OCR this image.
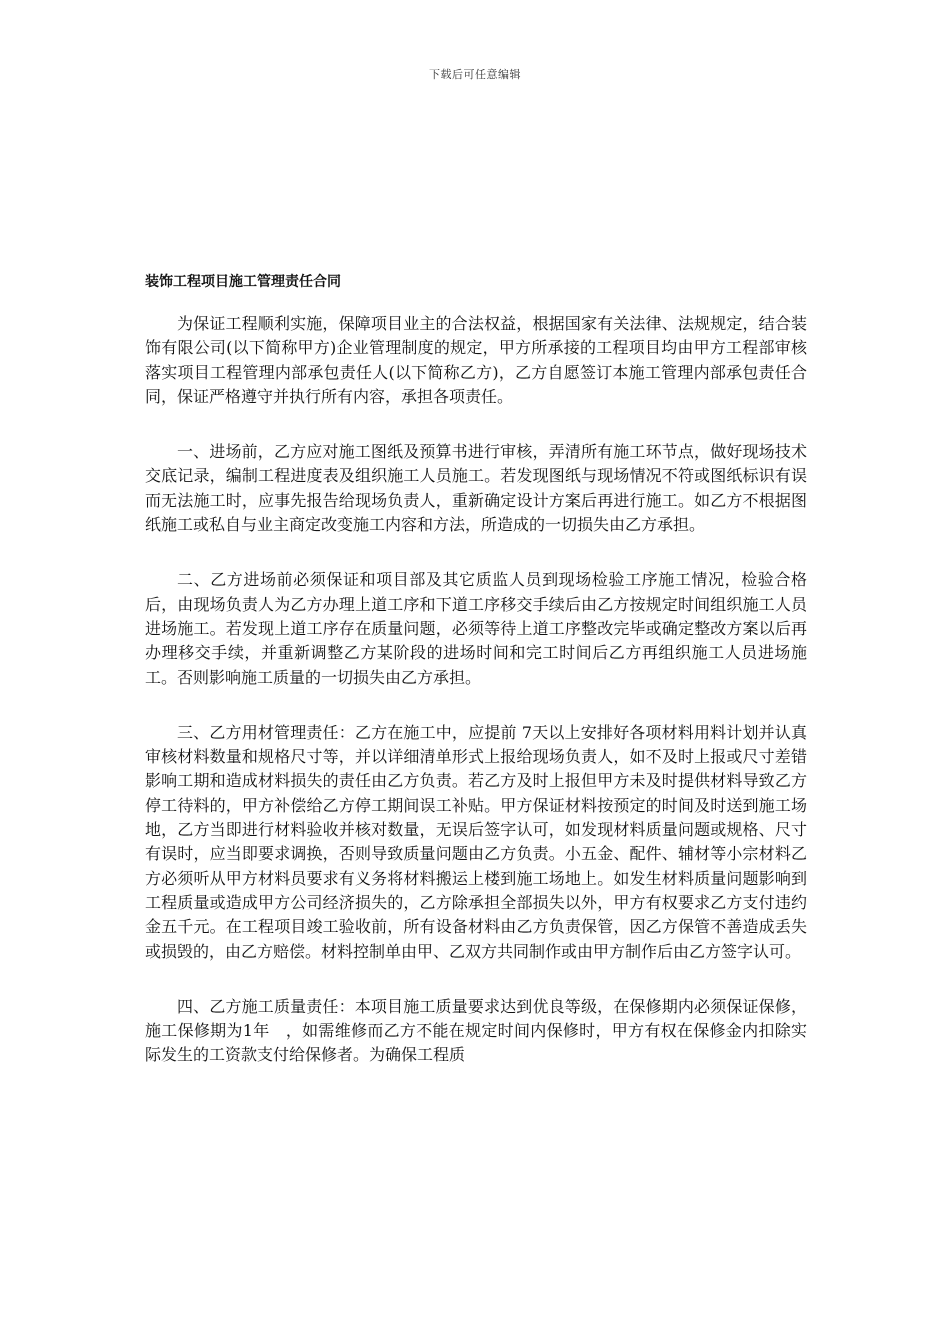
下载后可任意编辑
装饰工程项目施工管理责任合同

为保证工程顺利实施，保障项目业主的合法权益，根据国家有关法律、法规规定，结合装饰有限公司(以下简称甲方)企业管理制度的规定，甲方所承接的工程项目均由甲方工程部审核落实项目工程管理内部承包责任人(以下简称乙方)，乙方自愿签订本施工管理内部承包责任合同，保证严格遵守并执行所有内容，承担各项责任。

一、进场前，乙方应对施工图纸及预算书进行审核，弄清所有施工环节点，做好现场技术交底记录，编制工程进度表及组织施工人员施工。若发现图纸与现场情况不符或图纸标识有误而无法施工时，应事先报告给现场负责人，重新确定设计方案后再进行施工。如乙方不根据图纸施工或私自与业主商定改变施工内容和方法，所造成的一切损失由乙方承担。

二、乙方进场前必须保证和项目部及其它质监人员到现场检验工序施工情况，检验合格后，由现场负责人为乙方办理上道工序和下道工序移交手续后由乙方按规定时间组织施工人员进场施工。若发现上道工序存在质量问题，必须等待上道工序整改完毕或确定整改方案以后再办理移交手续，并重新调整乙方某阶段的进场时间和完工时间后乙方再组织施工人员进场施工。否则影响施工质量的一切损失由乙方承担。

三、乙方用材管理责任：乙方在施工中，应提前 7天以上安排好各项材料用料计划并认真审核材料数量和规格尺寸等，并以详细清单形式上报给现场负责人，如不及时上报或尺寸差错影响工期和造成材料损失的责任由乙方负责。若乙方及时上报但甲方未及时提供材料导致乙方停工待料的，甲方补偿给乙方停工期间误工补贴。甲方保证材料按预定的时间及时送到施工场地，乙方当即进行材料验收并核对数量，无误后签字认可，如发现材料质量问题或规格、尺寸有误时，应当即要求调换，否则导致质量问题由乙方负责。小五金、配件、辅材等小宗材料乙方必须听从甲方材料员要求有义务将材料搬运上楼到施工场地上。如发生材料质量问题影响到工程质量或造成甲方公司经济损失的，乙方除承担全部损失以外，甲方有权要求乙方支付违约金五千元。在工程项目竣工验收前，所有设备材料由乙方负责保管，因乙方保管不善造成丢失或损毁的，由乙方赔偿。材料控制单由甲、乙双方共同制作或由甲方制作后由乙方签字认可。

四、乙方施工质量责任：本项目施工质量要求达到优良等级，在保修期内必须保证保修，施工保修期为1年　，如需维修而乙方不能在规定时间内保修时，甲方有权在保修金内扣除实际发生的工资款支付给保修者。为确保工程质
